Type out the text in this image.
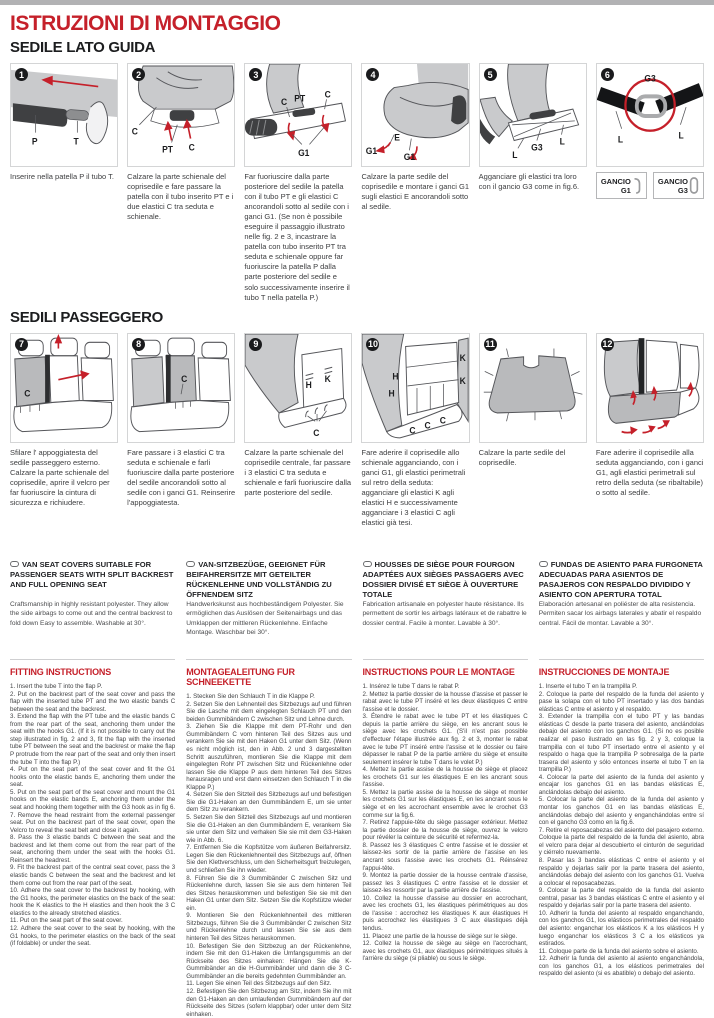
ISTRUZIONI DI MONTAGGIO
SEDILE LATO GUIDA
P	T
1

Inserire nella patella P il tubo T.

C
PT C
2

Calzare la parte schienale del coprisedile e fare passare la patella con il tubo inserito PT e i due elastici C tra seduta e schienale.

C PT C
G1
3

Far fuoriuscire dalla parte posteriore del sedile la patella con il tubo PT e gli elastici C ancorandoli sotto al sedile con i ganci G1. (Se non è possibile eseguire il passaggio illustrato nelle fig. 2 e 3, incastrare la patella con tubo inserito PT tra seduta e schienale oppure far fuoriuscire la patella P dalla parte posteriore del sedile e solo successivamente inserire il tubo T nella patella P.)

G1
E
G1
4

Calzare la parte sedile del coprisedile e montare i ganci G1 sugli elastici E ancorandoli sotto al sedile.

L
G3
L
5

Agganciare gli elastici tra loro con il gancio G3 come in fig.6.

G3
L	L
6
GANCIO
G1
GANCIO
G3
SEDILI PASSEGGERO
C
7

Sfilare l' appoggiatesta del sedile passeggero esterno. Calzare la parte schienale del coprisedile, aprire il velcro per far fuoriuscire la cintura di sicurezza e richiudere.

C
8

Fare passare i 3 elastici C tra seduta e schienale e farli fuoriuscire dalla parte posteriore del sedile ancorandoli sotto al sedile con i ganci G1. Reinserire l'appoggiatesta.

H
K
C
9

Calzare la parte schienale del coprisedile centrale, far passare i 3 elastici C tra seduta e schienale e farli fuoriuscire dalla parte posteriore del sedile.

K
K
H
H
C C C
10

Fare aderire il coprisedile allo schienale agganciando, con i ganci G1, gli elastici perimetrali sul retro della seduta: agganciare gli elastici K agli elastici H e successivamente agganciare i 3 elastici C agli elastici già tesi.

11

Calzare la parte sedile del coprisedile.

12

Fare aderire il coprisedile alla seduta agganciando, con i ganci G1, agli elastici perimetrali sul retro della seduta (se ribaltabile) o sotto al sedile.

VAN SEAT COVERS SUITABLE FOR PASSENGER SEATS WITH SPLIT BACKREST AND FULL OPENING SEAT

Craftsmanship in highly resistant polyester. They allow the side airbags to come out and the central backrest to fold down Easy to assemble. Washable at 30°.

FITTING INSTRUCTIONS

1. Insert the tube T into the flap P.

2. Put on the backrest part of the seat cover and pass the flap with the inserted tube PT and the two elastic bands C between the seat and the backrest.

3. Extend the flap with the PT tube and the elastic bands C from the rear part of the seat, anchoring them under the seat with the hooks G1. (If it is not possible to carry out the step illustrated in fig. 2 and 3, fit the flap with the inserted tube PT between the seat and the backrest or make the flap P protrude from the rear part of the seat and only then insert the tube T into the flap P.)

4. Put on the seat part of the seat cover and fit the G1 hooks onto the elastic bands E, anchoring them under the seat.

5. Put on the seat part of the seat cover and mount the G1 hooks on the elastic bands E, anchoring them under the seat and hooking them together with the G3 hook as in fig 6.

7. Remove the head restraint from the external passenger seat. Put on the backrest part of the seat cover, open the Velcro to reveal the seat belt and close it again.

8. Pass the 3 elastic bands C between the seat and the backrest and let them come out from the rear part of the seat, anchoring them under the seat with the hooks G1. Reinsert the headrest.

9. Fit the backrest part of the central seat cover, pass the 3 elastic bands C between the seat and the backrest and let them come out from the rear part of the seat.

10. Adhere the seat cover to the backrest by hooking, with the G1 hooks, the perimeter elastics on the back of the seat: hook the K elastics to the H elastics and then hook the 3 C elastics to the already stretched elastics.

11. Put on the seat part of the seat cover.

12. Adhere the seat cover to the seat by hooking, with the G1 hooks, to the perimeter elastics on the back of the seat (if foldable) or under the seat.

VAN-SITZBEZÜGE, GEEIGNET FÜR BEIFAHRERSITZE MIT GETEILTER RÜCKENLEHNE UND VOLLSTÄNDIG ZU ÖFFNENDEM SITZ

Handwerkskunst aus hochbeständigem Polyester. Sie ermöglichen das Auslösen der Seitenairbags und das Umklappen der mittleren Rückenlehne. Einfache Montage. Waschbar bei 30°.

MONTAGEALEITUNG FUR SCHNEEKETTE

1. Stecken Sie den Schlauch T in die Klappe P.

2. Setzen Sie den Lehnenteil des Sitzbezugs auf und führen Sie die Lasche mit dem eingelegten Schlauch PT und den beiden Gummibändern C zwischen Sitz und Lehne durch.

3. Ziehen Sie die Klappe mit dem PT-Rohr und den Gummibändern C vom hinteren Teil des Sitzes aus und verankern Sie sie mit den Haken G1 unter dem Sitz. (Wenn es nicht möglich ist, den in Abb. 2 und 3 dargestellten Schritt auszuführen, montieren Sie die Klappe mit dem eingelegten Rohr PT zwischen Sitz und Rückenlehne oder lassen Sie die Klappe P aus dem hinteren Teil des Sitzes herausragen und erst dann einsetzen den Schlauch T in die Klappe P.)

4. Setzen Sie den Sitzteil des Sitzbezugs auf und befestigen Sie die G1-Haken an den Gummibändern E, um sie unter dem Sitz zu verankern.

5. Setzen Sie den Sitzteil des Sitzbezugs auf und montieren Sie die G1-Haken an den Gummibändern E, verankern Sie sie unter dem Sitz und verhaken Sie sie mit dem G3-Haken wie in Abb. 6.

7. Entfernen Sie die Kopfstütze vom äußeren Beifahrersitz. Legen Sie den Rückenlehnenteil des Sitzbezugs auf, öffnen Sie den Klettverschluss, um den Sicherheitsgurt freizulegen, und schließen Sie ihn wieder.

8. Führen Sie die 3 Gummibänder C zwischen Sitz und Rückenlehne durch, lassen Sie sie aus dem hinteren Teil des Sitzes herauskommen und befestigen Sie sie mit den Haken G1 unter dem Sitz. Setzen Sie die Kopfstütze wieder ein.

9. Montieren Sie den Rückenlehnenteil des mittleren Sitzbezugs, führen Sie die 3 Gummibänder C zwischen Sitz und Rückenlehne durch und lassen Sie sie aus dem hinteren Teil des Sitzes herauskommen.

10. Befestigen Sie den Sitzbezug an der Rückenlehne, indem Sie mit den G1-Haken die Umfangsgummis an der Rückseite des Sitzes einhaken: Hängen Sie die K-Gummibänder an die H-Gummibänder und dann die 3 C-Gummibänder an die bereits gedehnten Gummibänder an.

11. Legen Sie einen Teil des Sitzbezugs auf den Sitz.

12. Befestigen Sie den Sitzbezug am Sitz, indem Sie ihn mit den G1-Haken an den umlaufenden Gummibändern auf der Rückseite des Sitzes (sofern klappbar) oder unter dem Sitz einhaken.

HOUSSES DE SIÈGE POUR FOURGON ADAPTÉES AUX SIÈGES PASSAGERS AVEC DOSSIER DIVISÉ ET SIÈGE À OUVERTURE TOTALE

Fabrication artisanale en polyester haute résistance. Ils permettent de sortir les airbags latéraux et de rabattre le dossier central. Facile à monter. Lavable à 30°.

INSTRUCTIONS POUR LE MONTAGE

1. Insérez le tube T dans le rabat P.

2. Mettez la partie dossier de la housse d'assise et passer le rabat avec le tube PT inséré et les deux élastiques C entre l'assise et le dossier.

3. Étendre le rabat avec le tube PT et les élastiques C depuis la partie arrière du siège, en les ancrant sous le siège avec les crochets G1. (S'il n'est pas possible d'effectuer l'étape illustrée aux fig. 2 et 3, monter le rabat avec le tube PT inséré entre l'assise et le dossier ou faire dépasser le rabat P de la partie arrière du siège et ensuite seulement insérer le tube T dans le volet P.)

4. Mettez la partie assise de la housse de siège et placez les crochets G1 sur les élastiques E en les ancrant sous l'assise.

5. Mettez la partie assise de la housse de siège et monter les crochets G1 sur les élastiques E, en les ancrant sous le siège et en les accrochant ensemble avec le crochet G3 comme sur la fig.6.

7. Retirez l'appuie-tête du siège passager extérieur. Mettez la partie dossier de la housse de siège, ouvrez le velcro pour révéler la ceinture de sécurité et refermez-la.

8. Passez les 3 élastiques C entre l'assise et le dossier et laissez-les sortir de la partie arrière de l'assise en les ancrant sous l'assise avec les crochets G1. Réinsérez l'appui-tête.

9. Montez la partie dossier de la housse centrale d'assise, passez les 3 élastiques C entre l'assise et le dossier et laissez-les ressortir par la partie arrière de l'assise.

10. Collez la housse d'assise au dossier en accrochant, avec les crochets G1, les élastiques périmétriques au dos de l'assise : accrochez les élastiques K aux élastiques H puis accrochez les élastiques 3 C aux élastiques déjà tendus.

11. Placez une partie de la housse de siège sur le siège.

12. Collez la housse de siège au siège en l'accrochant, avec les crochets G1, aux élastiques périmétriques situés à l'arrière du siège (si pliable) ou sous le siège.

FUNDAS DE ASIENTO PARA FURGONETA ADECUADAS PARA ASIENTOS DE PASAJEROS CON RESPALDO DIVIDIDO Y ASIENTO CON APERTURA TOTAL

Elaboración artesanal en poliéster de alta resistencia. Permiten sacar los airbags laterales y abatir el respaldo central. Fácil de montar. Lavable a 30°.

INSTRUCCIONES DE MONTAJE

1. Inserte el tubo T en la trampilla P.

2. Coloque la parte del respaldo de la funda del asiento y pase la solapa con el tubo PT insertado y las dos bandas elásticas C entre el asiento y el respaldo.

3. Extender la trampilla con el tubo PT y las bandas elásticas C desde la parte trasera del asiento, anclándolas debajo del asiento con los ganchos G1. (Si no es posible realizar el paso ilustrado en las fig. 2 y 3, coloque la trampilla con el tubo PT insertado entre el asiento y el respaldo o haga que la trampilla P sobresalga de la parte trasera del asiento y sólo entonces inserte el tubo T en la trampilla P.)

4. Colocar la parte del asiento de la funda del asiento y encajar los ganchos G1 en las bandas elásticas E, anclándolas debajo del asiento.

5. Colocar la parte del asiento de la funda del asiento y montar los ganchos G1 en las bandas elásticas E, anclándolas debajo del asiento y enganchándolas entre sí con el gancho G3 como en la fig.6.

7. Retire el reposacabezas del asiento del pasajero externo. Coloque la parte del respaldo de la funda del asiento, abra el velcro para dejar al descubierto el cinturón de seguridad y ciérrelo nuevamente.

8. Pasar las 3 bandas elásticas C entre el asiento y el respaldo y dejarlas salir por la parte trasera del asiento, anclándolas debajo del asiento con los ganchos G1. Vuelva a colocar el reposacabezas.

9. Colocar la parte del respaldo de la funda del asiento central, pasar las 3 bandas elásticas C entre el asiento y el respaldo y dejarlas salir por la parte trasera del asiento.

10. Adherir la funda del asiento al respaldo enganchando, con los ganchos G1, los elásticos perimetrales del respaldo del asiento: enganchar los elásticos K a los elásticos H y luego enganchar los elásticos 3 C a los elásticos ya estirados.

11. Coloque parte de la funda del asiento sobre el asiento.

12. Adherir la funda del asiento al asiento enganchándola, con los ganchos G1, a los elásticos perimetrales del respaldo del asiento (si es abatible) o debajo del asiento.
